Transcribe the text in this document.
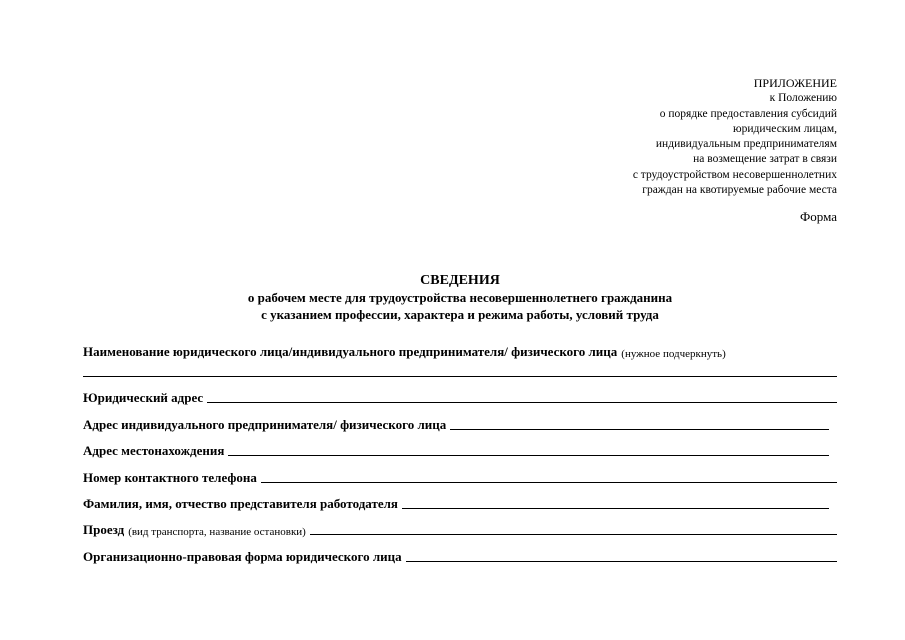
ПРИЛОЖЕНИЕ
к Положению
о порядке предоставления субсидий
юридическим лицам,
индивидуальным предпринимателям
на возмещение затрат в связи
с трудоустройством несовершеннолетних
граждан на квотируемые рабочие места
Форма
СВЕДЕНИЯ
о рабочем месте для трудоустройства несовершеннолетнего гражданина
с указанием профессии, характера и режима работы, условий труда
Наименование юридического лица/индивидуального предпринимателя/ физического лица (нужное подчеркнуть)
Юридический адрес
Адрес индивидуального предпринимателя/ физического лица
Адрес местонахождения
Номер контактного телефона
Фамилия, имя, отчество представителя работодателя
Проезд (вид транспорта, название остановки)
Организационно-правовая форма юридического лица
